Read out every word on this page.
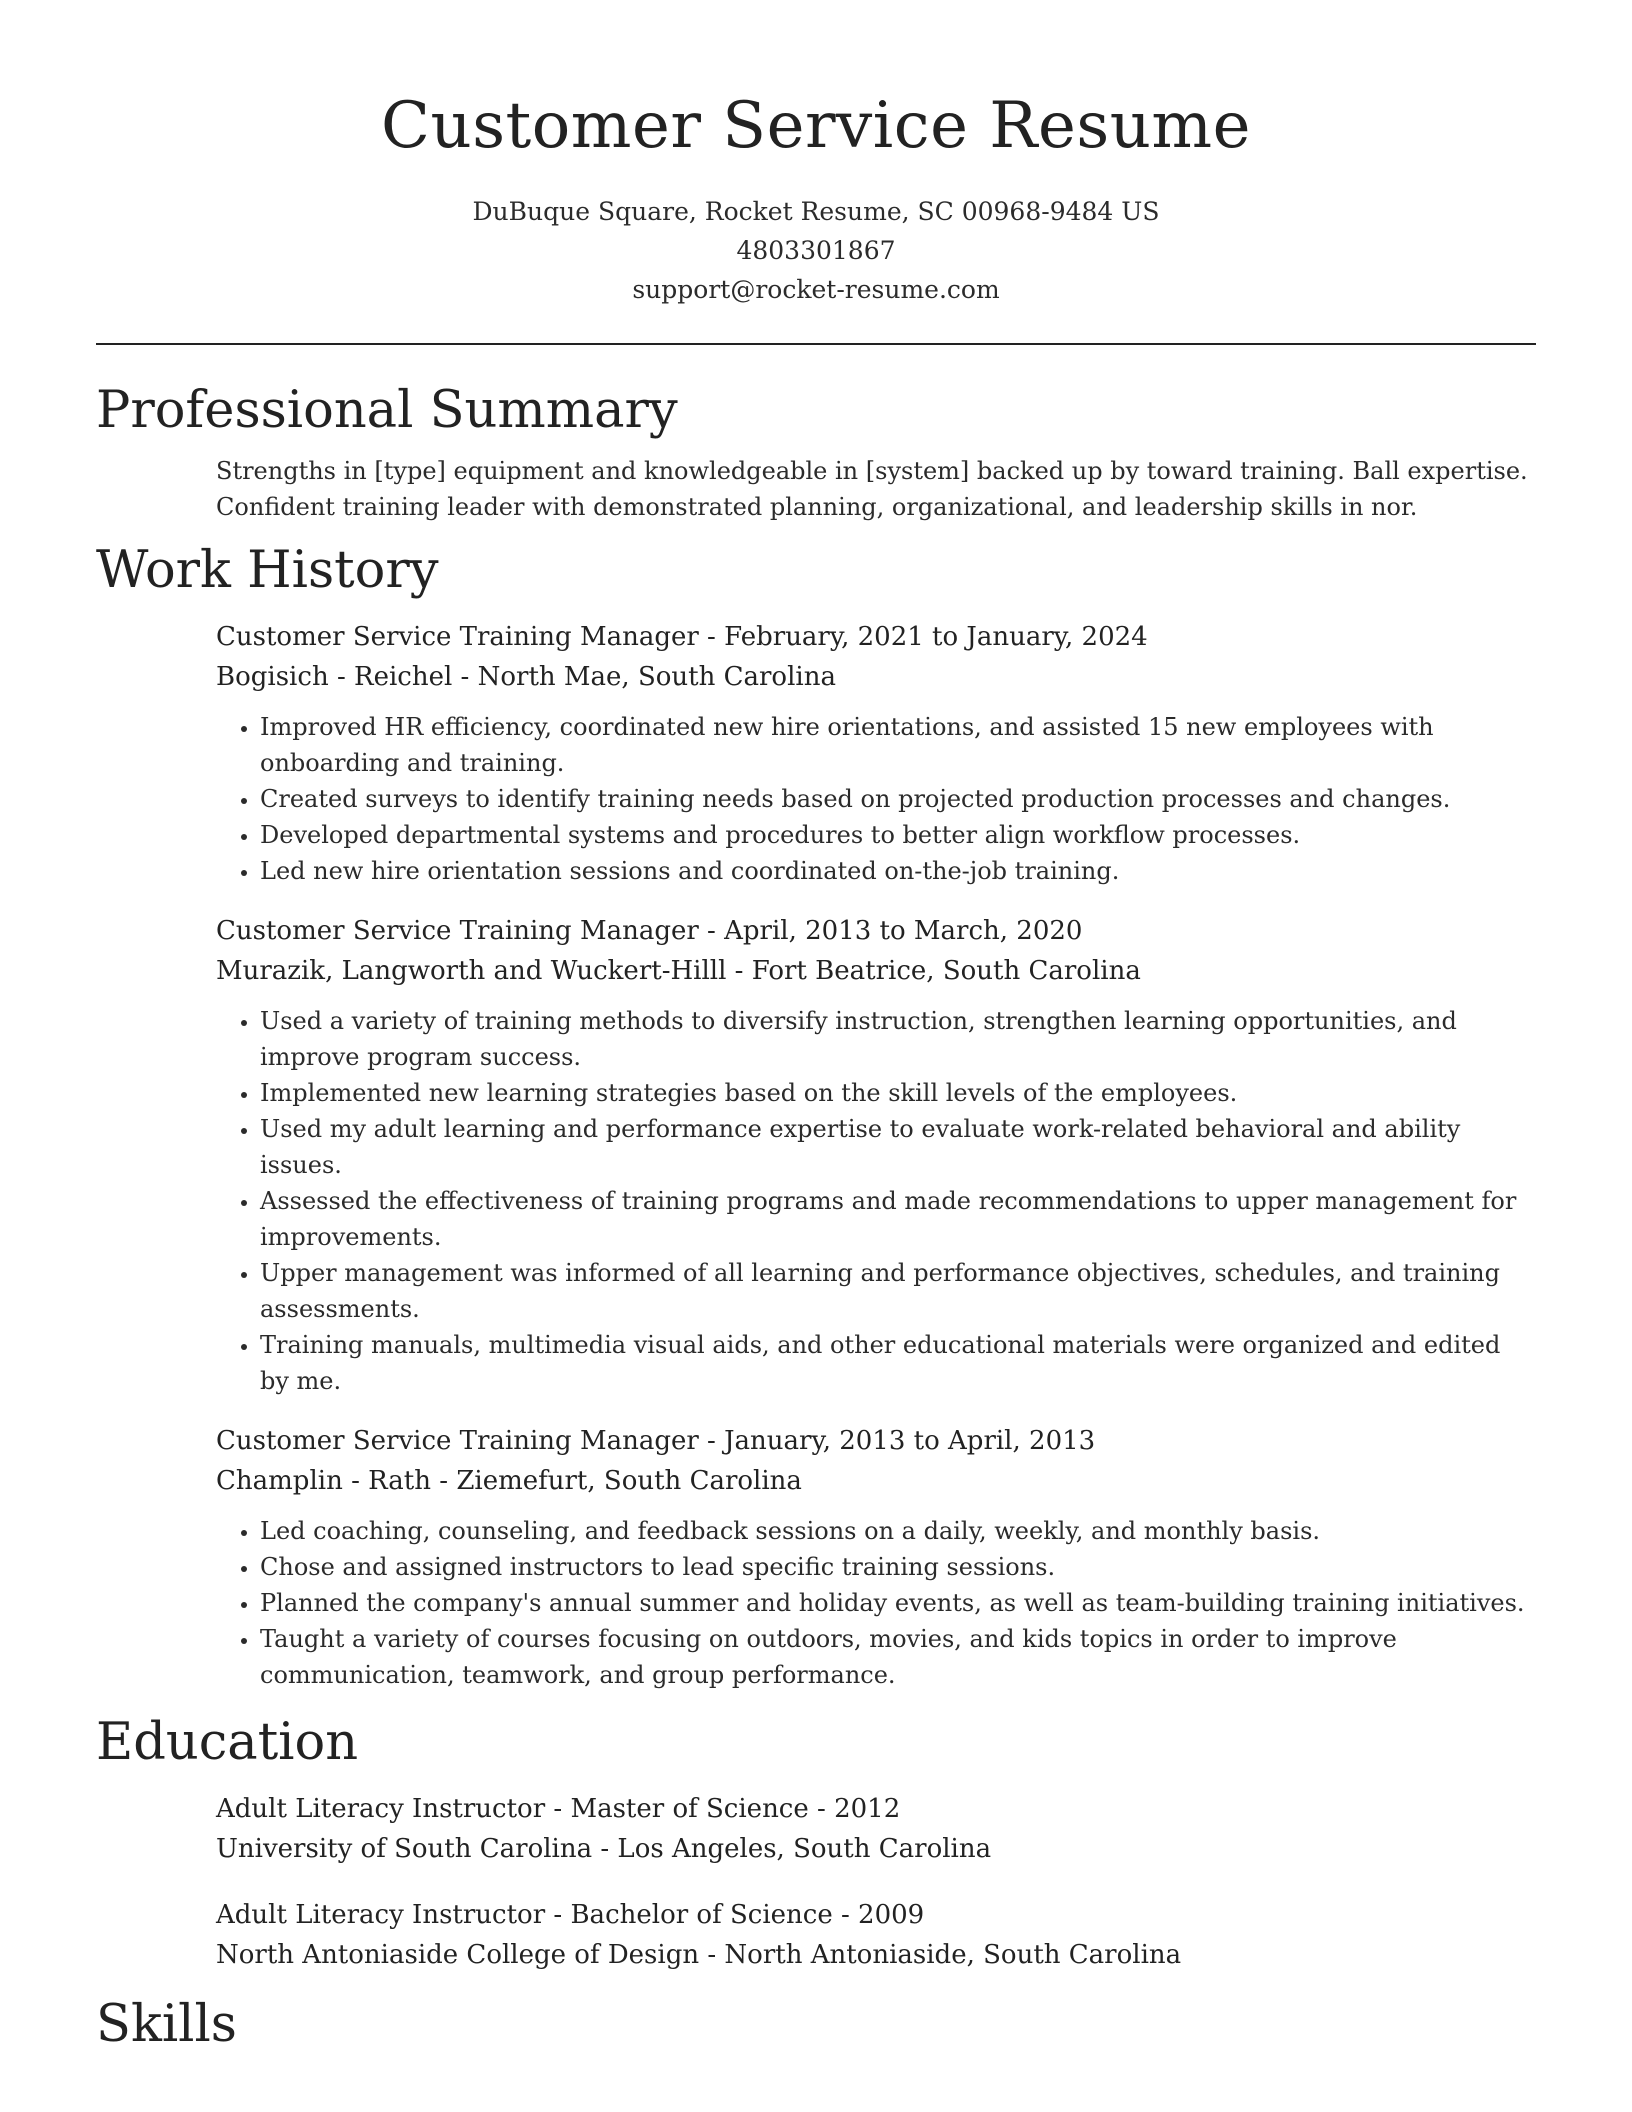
Customer Service Resume
DuBuque Square, Rocket Resume, SC 00968-9484 US
4803301867
support@rocket-resume.com
Professional Summary

Strengths in [type] equipment and knowledgeable in [system] backed up by toward training. Ball expertise. Confident training leader with demonstrated planning, organizational, and leadership skills in nor.

Work History
Customer Service Training Manager - February, 2021 to January, 2024
Bogisich - Reichel - North Mae, South Carolina
• Improved HR efficiency, coordinated new hire orientations, and assisted 15 new employees with onboarding and training.
• Created surveys to identify training needs based on projected production processes and changes.
• Developed departmental systems and procedures to better align workflow processes.
• Led new hire orientation sessions and coordinated on-the-job training.
Customer Service Training Manager - April, 2013 to March, 2020
Murazik, Langworth and Wuckert-Hilll - Fort Beatrice, South Carolina
• Used a variety of training methods to diversify instruction, strengthen learning opportunities, and improve program success.
• Implemented new learning strategies based on the skill levels of the employees.
• Used my adult learning and performance expertise to evaluate work-related behavioral and ability issues.
• Assessed the effectiveness of training programs and made recommendations to upper management for improvements.
• Upper management was informed of all learning and performance objectives, schedules, and training assessments.
• Training manuals, multimedia visual aids, and other educational materials were organized and edited by me.
Customer Service Training Manager - January, 2013 to April, 2013
Champlin - Rath - Ziemefurt, South Carolina
• Led coaching, counseling, and feedback sessions on a daily, weekly, and monthly basis.
• Chose and assigned instructors to lead specific training sessions.
• Planned the company's annual summer and holiday events, as well as team-building training initiatives.
• Taught a variety of courses focusing on outdoors, movies, and kids topics in order to improve communication, teamwork, and group performance.
Education
Adult Literacy Instructor - Master of Science - 2012
University of South Carolina - Los Angeles, South Carolina
Adult Literacy Instructor - Bachelor of Science - 2009
North Antoniaside College of Design - North Antoniaside, South Carolina
Skills
